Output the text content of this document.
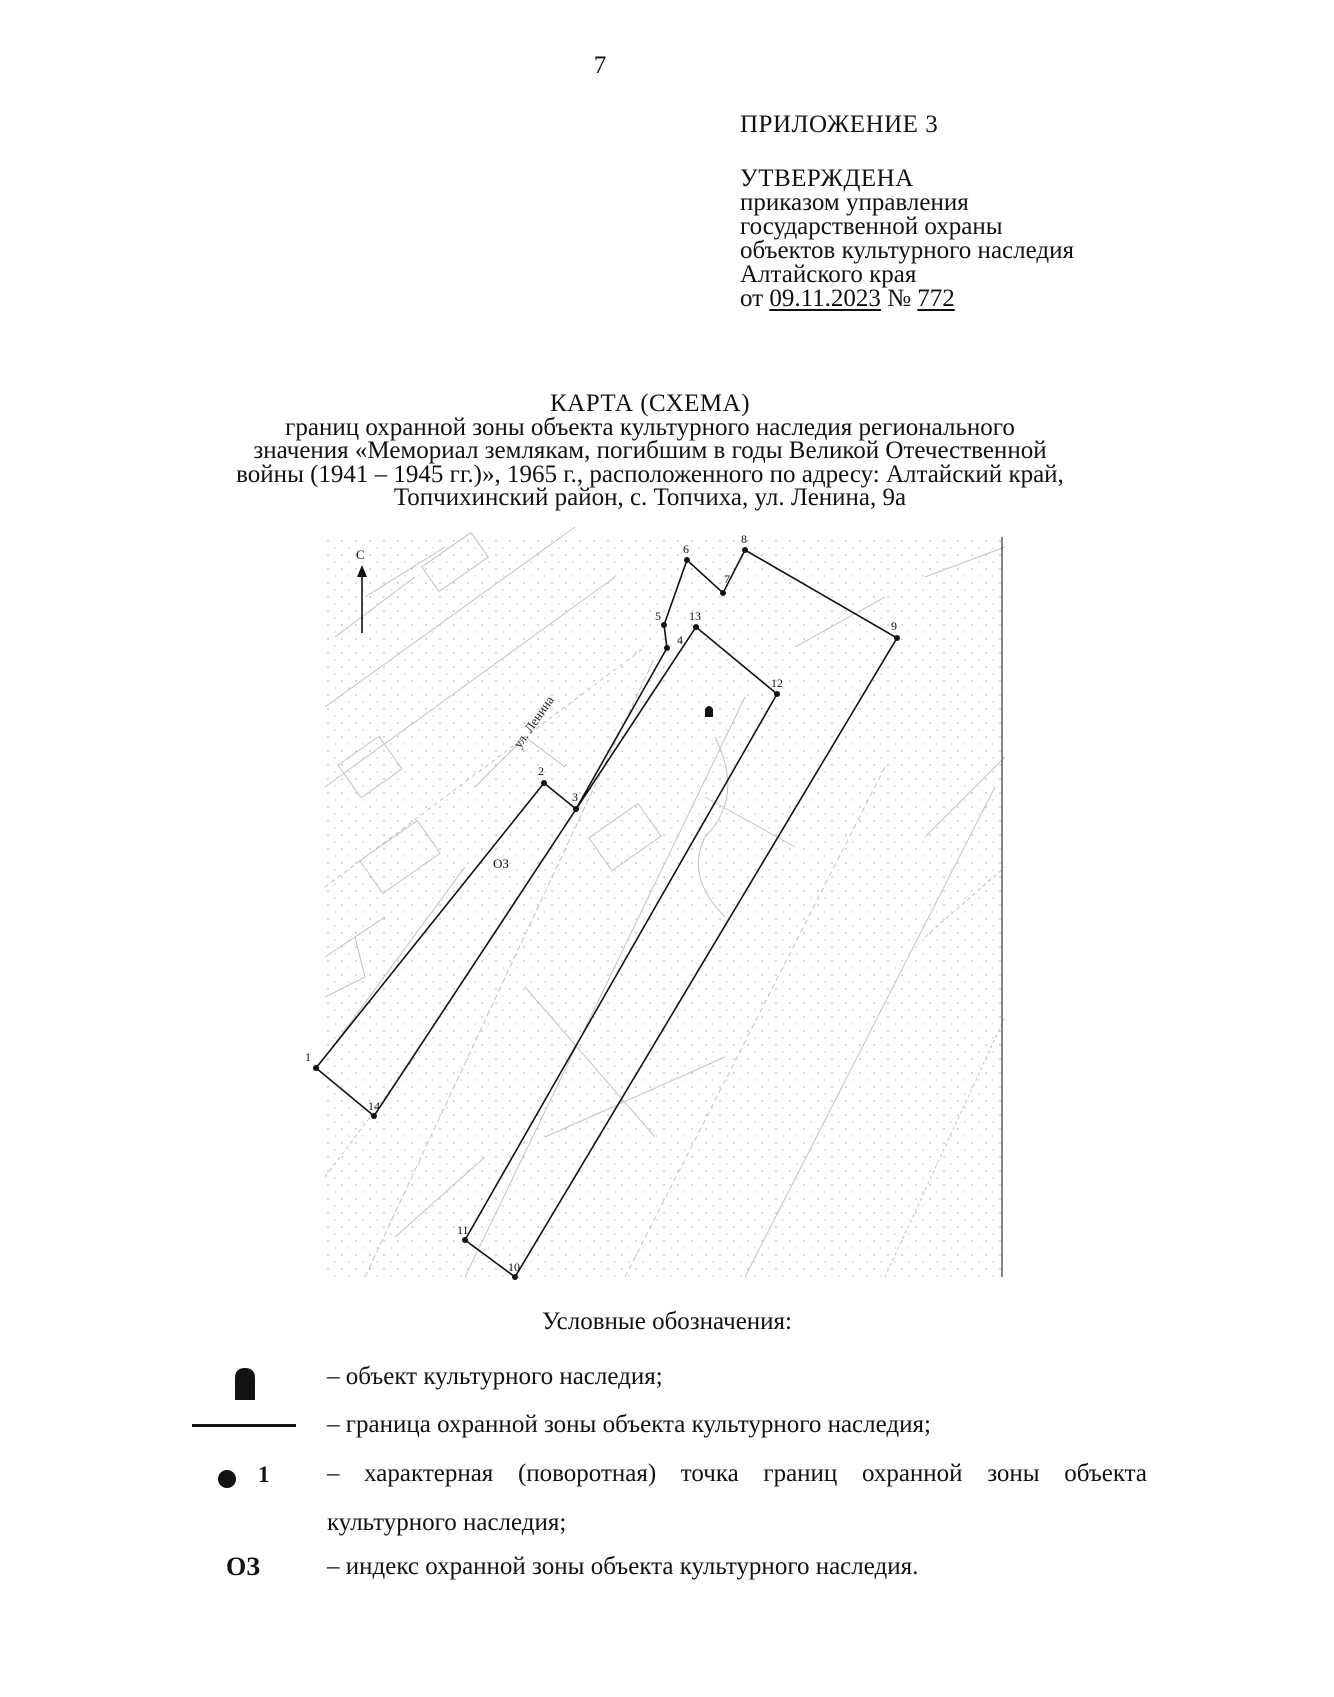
7

ПРИЛОЖЕНИЕ 3

УТВЕРЖДЕНА

приказом управления

государственной охраны

объектов культурного наследия

Алтайского края

от 09.11.2023 № 772

КАРТА (СХЕМА)
границ охранной зоны объекта культурного наследия регионального
значения «Мемориал землякам, погибшим в годы Великой Отечественной
войны (1941 – 1945 гг.)», 1965 г., расположенного по адресу: Алтайский край,
Топчихинский район, с. Топчиха, ул. Ленина, 9а
С
ул. Ленина
ОЗ
1
2
3
4
5
6
7
8
9
10
11
12
13
14
Условные обозначения:
– объект культурного наследия;
– граница охранной зоны объекта культурного наследия;
1 – характерная (поворотная) точка границ охранной зоны объекта
культурного наследия;
ОЗ	– индекс охранной зоны объекта культурного наследия.
